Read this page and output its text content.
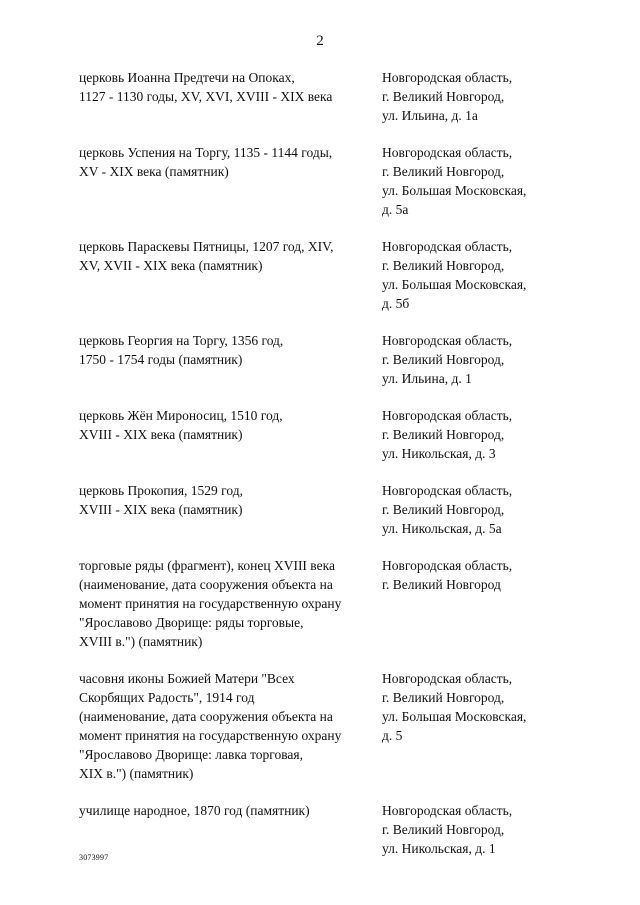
2
церковь Иоанна Предтечи на Опоках,
1127 - 1130 годы, XV, XVI, XVIII - XIX века
Новгородская область,
г. Великий Новгород,
ул. Ильина, д. 1а
церковь Успения на Торгу, 1135 - 1144 годы,
XV - XIX века (памятник)
Новгородская область,
г. Великий Новгород,
ул. Большая Московская,
д. 5а
церковь Параскевы Пятницы, 1207 год, XIV,
XV, XVII - XIX века (памятник)
Новгородская область,
г. Великий Новгород,
ул. Большая Московская,
д. 5б
церковь Георгия на Торгу, 1356 год,
1750 - 1754 годы (памятник)
Новгородская область,
г. Великий Новгород,
ул. Ильина, д. 1
церковь Жён Мироносиц, 1510 год,
XVIII - XIX века (памятник)
Новгородская область,
г. Великий Новгород,
ул. Никольская, д. 3
церковь Прокопия, 1529 год,
XVIII - XIX века (памятник)
Новгородская область,
г. Великий Новгород,
ул. Никольская, д. 5а
торговые ряды (фрагмент), конец XVIII века
(наименование, дата сооружения объекта на
момент принятия на государственную охрану
"Ярославово Дворище: ряды торговые,
XVIII в.") (памятник)
Новгородская область,
г. Великий Новгород
часовня иконы Божией Матери "Всех
Скорбящих Радость", 1914 год
(наименование, дата сооружения объекта на
момент принятия на государственную охрану
"Ярославово Дворище: лавка торговая,
XIX в.") (памятник)
Новгородская область,
г. Великий Новгород,
ул. Большая Московская,
д. 5
училище народное, 1870 год (памятник)	Новгородская область,
г. Великий Новгород,
ул. Никольская, д. 1
3073997
